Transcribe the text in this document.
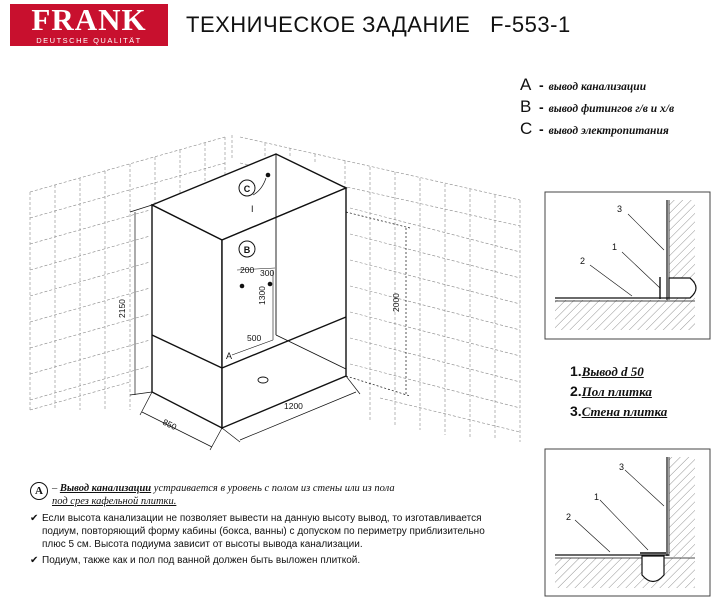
FRANK
DEUTSCHE QUALITÄT
ТЕХНИЧЕСКОЕ ЗАДАНИЕ   F-553-1
A - вывод канализации
B - вывод фитингов г/в и х/в
C - вывод электропитания
C
I
B
A
200 300
1300
500
2150	2000
850
1200
3
1
2
3
1
2
1.Вывод d 50
2.Пол плитка
3.Стена плитка
A – Вывод канализации устраивается в уровень с полом из стены или из пола
под срез кафельной плитки.
✔ Если высота канализации не позволяет вывести на данную высоту вывод, то изготавливается подиум, повторяющий форму кабины (бокса, ванны) с допуском по периметру приблизительно плюс 5 см. Высота подиума зависит от высоты вывода канализации.
✔ Подиум, также как и пол под ванной должен быть выложен плиткой.
